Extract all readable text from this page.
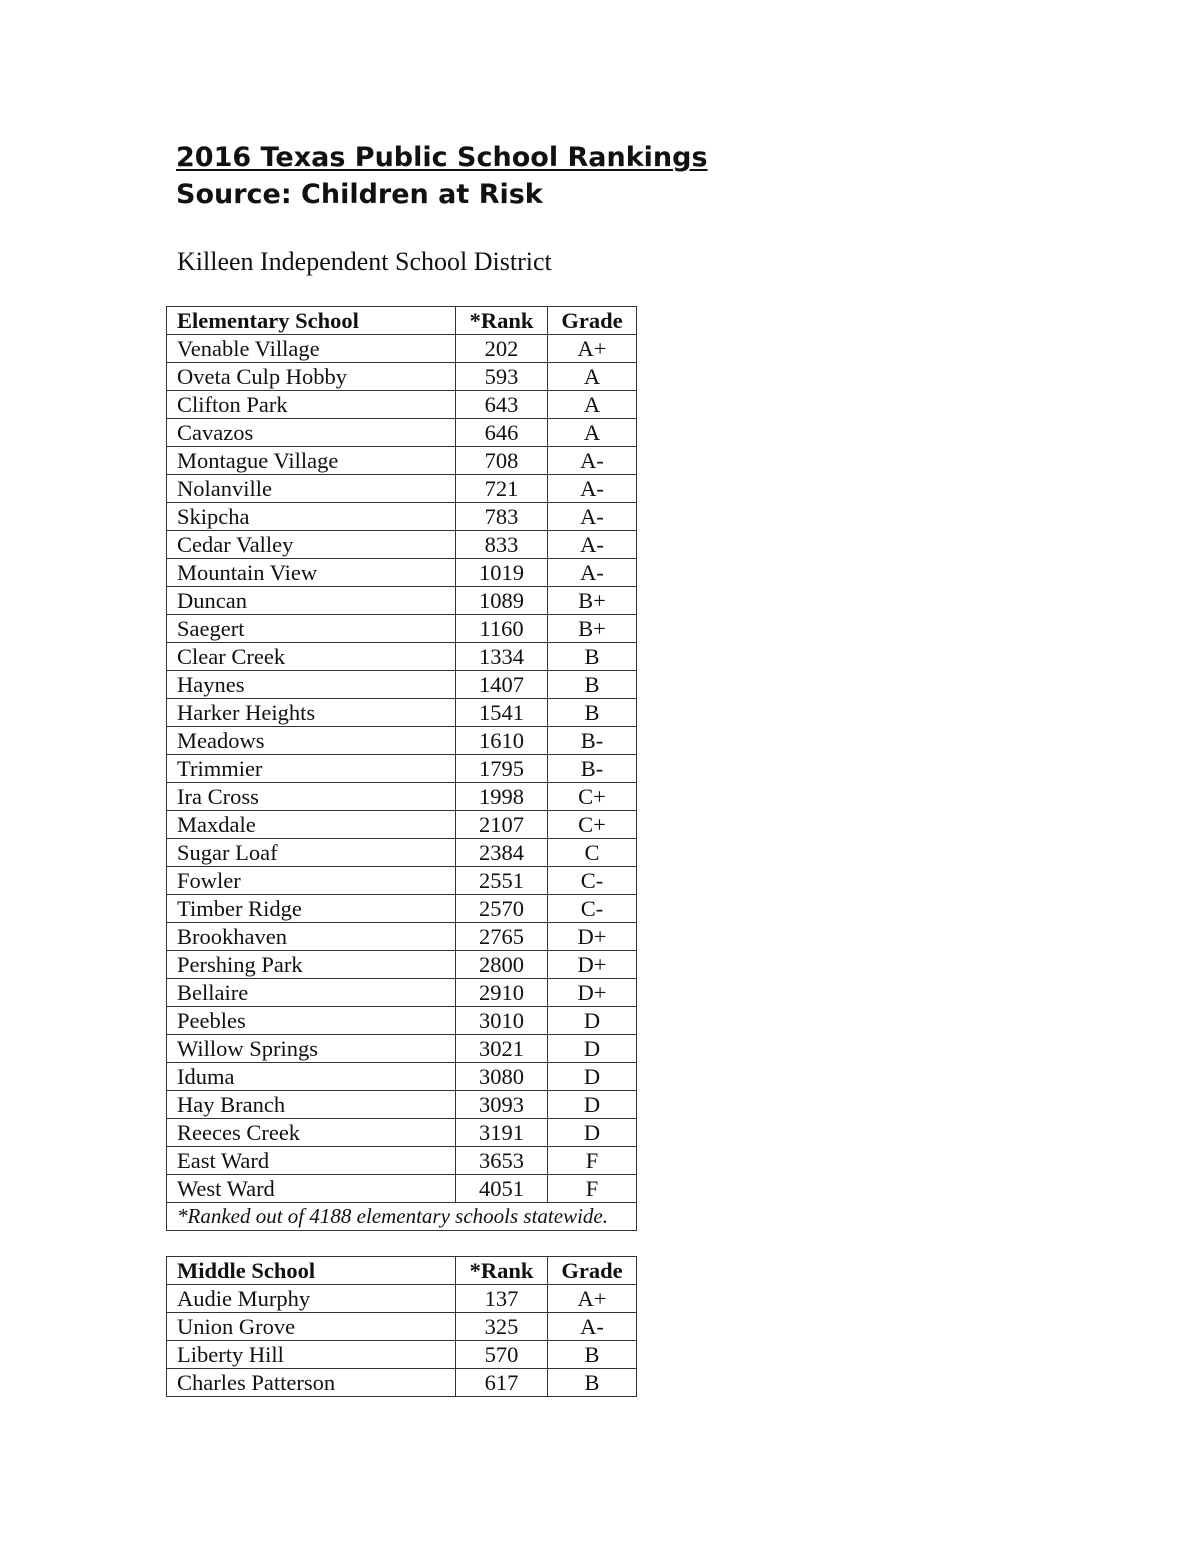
2016 Texas Public School Rankings
Source: Children at Risk

Killeen Independent School District

Elementary School	*Rank	Grade
Venable Village	202	A+
Oveta Culp Hobby	593	A
Clifton Park	643	A
Cavazos	646	A
Montague Village	708	A-
Nolanville	721	A-
Skipcha	783	A-
Cedar Valley	833	A-
Mountain View	1019	A-
Duncan	1089	B+
Saegert	1160	B+
Clear Creek	1334	B
Haynes	1407	B
Harker Heights	1541	B
Meadows	1610	B-
Trimmier	1795	B-
Ira Cross	1998	C+
Maxdale	2107	C+
Sugar Loaf	2384	C
Fowler	2551	C-
Timber Ridge	2570	C-
Brookhaven	2765	D+
Pershing Park	2800	D+
Bellaire	2910	D+
Peebles	3010	D
Willow Springs	3021	D
Iduma	3080	D
Hay Branch	3093	D
Reeces Creek	3191	D
East Ward	3653	F
West Ward	4051	F
*Ranked out of 4188 elementary schools statewide.		
Middle School	*Rank	Grade
Audie Murphy	137	A+
Union Grove	325	A-
Liberty Hill	570	B
Charles Patterson	617	B
